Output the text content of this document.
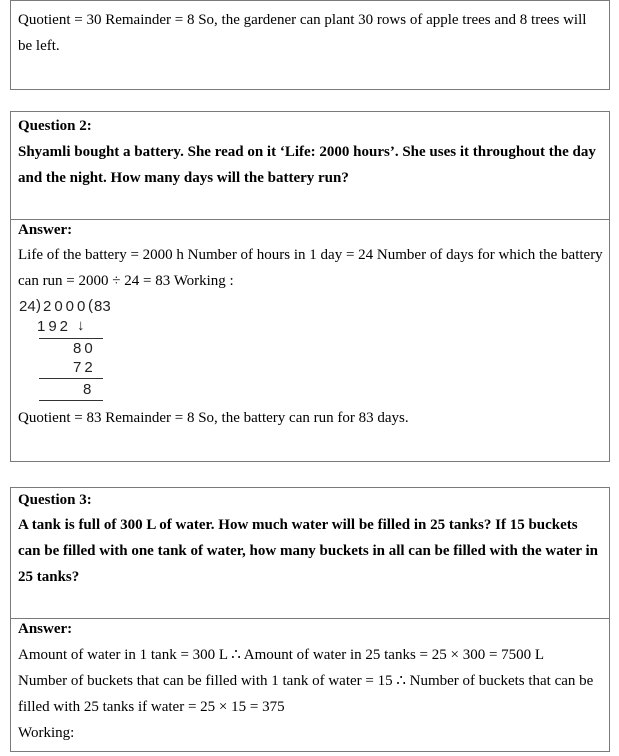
Quotient = 30 Remainder = 8 So, the gardener can plant 30 rows of apple trees and 8 trees will
be left.
Question 2:
Shyamli bought a battery. She read on it ‘Life: 2000 hours’. She uses it throughout the day
and the night. How many days will the battery run?
Answer:
Life of the battery = 2000 h Number of hours in 1 day = 24 Number of days for which the battery
can run = 2000 ÷ 24 = 83 Working :
24 ) 2000 ( 83
192 ↓
80
72
8
Quotient = 83 Remainder = 8 So, the battery can run for 83 days.
Question 3:
A tank is full of 300 L of water. How much water will be filled in 25 tanks? If 15 buckets
can be filled with one tank of water, how many buckets in all can be filled with the water in
25 tanks?
Answer:
Amount of water in 1 tank = 300 L ∴ Amount of water in 25 tanks = 25 × 300 = 7500 L
Number of buckets that can be filled with 1 tank of water = 15 ∴ Number of buckets that can be
filled with 25 tanks if water = 25 × 15 = 375
Working:
